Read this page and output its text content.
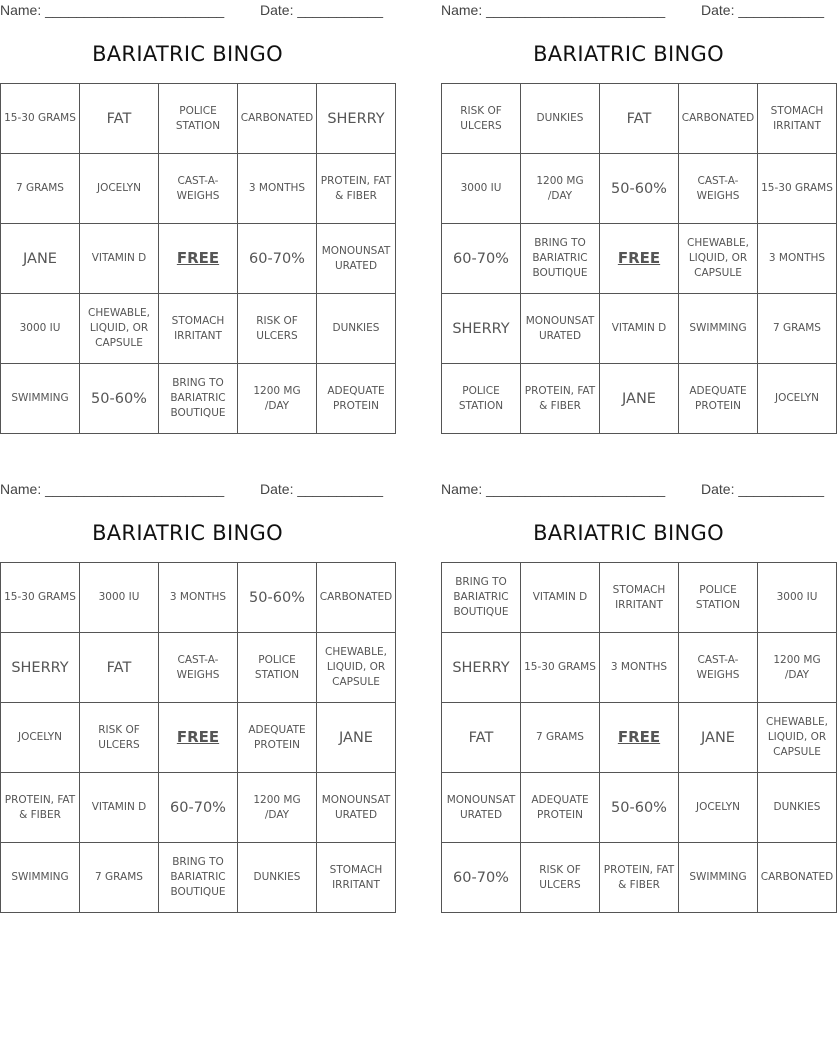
Name: _______________________	Date: ___________
BARIATRIC BINGO
15-30 GRAMS	FAT	POLICE STATION	CARBONATED	SHERRY
7 GRAMS	JOCELYN	CAST-A-WEIGHS	3 MONTHS	PROTEIN, FAT & FIBER
JANE	VITAMIN D	FREE	60-70%	MONOUNSATURATED
3000 IU	CHEWABLE, LIQUID, OR CAPSULE	STOMACH IRRITANT	RISK OF ULCERS	DUNKIES
SWIMMING	50-60%	BRING TO BARIATRIC BOUTIQUE	1200 MG /DAY	ADEQUATE PROTEIN
Name: _______________________	Date: ___________
BARIATRIC BINGO
RISK OF ULCERS	DUNKIES	FAT	CARBONATED	STOMACH IRRITANT
3000 IU	1200 MG /DAY	50-60%	CAST-A-WEIGHS	15-30 GRAMS
60-70%	BRING TO BARIATRIC BOUTIQUE	FREE	CHEWABLE, LIQUID, OR CAPSULE	3 MONTHS
SHERRY	MONOUNSATURATED	VITAMIN D	SWIMMING	7 GRAMS
POLICE STATION	PROTEIN, FAT & FIBER	JANE	ADEQUATE PROTEIN	JOCELYN
Name: _______________________	Date: ___________
BARIATRIC BINGO
15-30 GRAMS	3000 IU	3 MONTHS	50-60%	CARBONATED
SHERRY	FAT	CAST-A-WEIGHS	POLICE STATION	CHEWABLE, LIQUID, OR CAPSULE
JOCELYN	RISK OF ULCERS	FREE	ADEQUATE PROTEIN	JANE
PROTEIN, FAT & FIBER	VITAMIN D	60-70%	1200 MG /DAY	MONOUNSATURATED
SWIMMING	7 GRAMS	BRING TO BARIATRIC BOUTIQUE	DUNKIES	STOMACH IRRITANT
Name: _______________________	Date: ___________
BARIATRIC BINGO
BRING TO BARIATRIC BOUTIQUE	VITAMIN D	STOMACH IRRITANT	POLICE STATION	3000 IU
SHERRY	15-30 GRAMS	3 MONTHS	CAST-A-WEIGHS	1200 MG /DAY
FAT	7 GRAMS	FREE	JANE	CHEWABLE, LIQUID, OR CAPSULE
MONOUNSATURATED	ADEQUATE PROTEIN	50-60%	JOCELYN	DUNKIES
60-70%	RISK OF ULCERS	PROTEIN, FAT & FIBER	SWIMMING	CARBONATED
